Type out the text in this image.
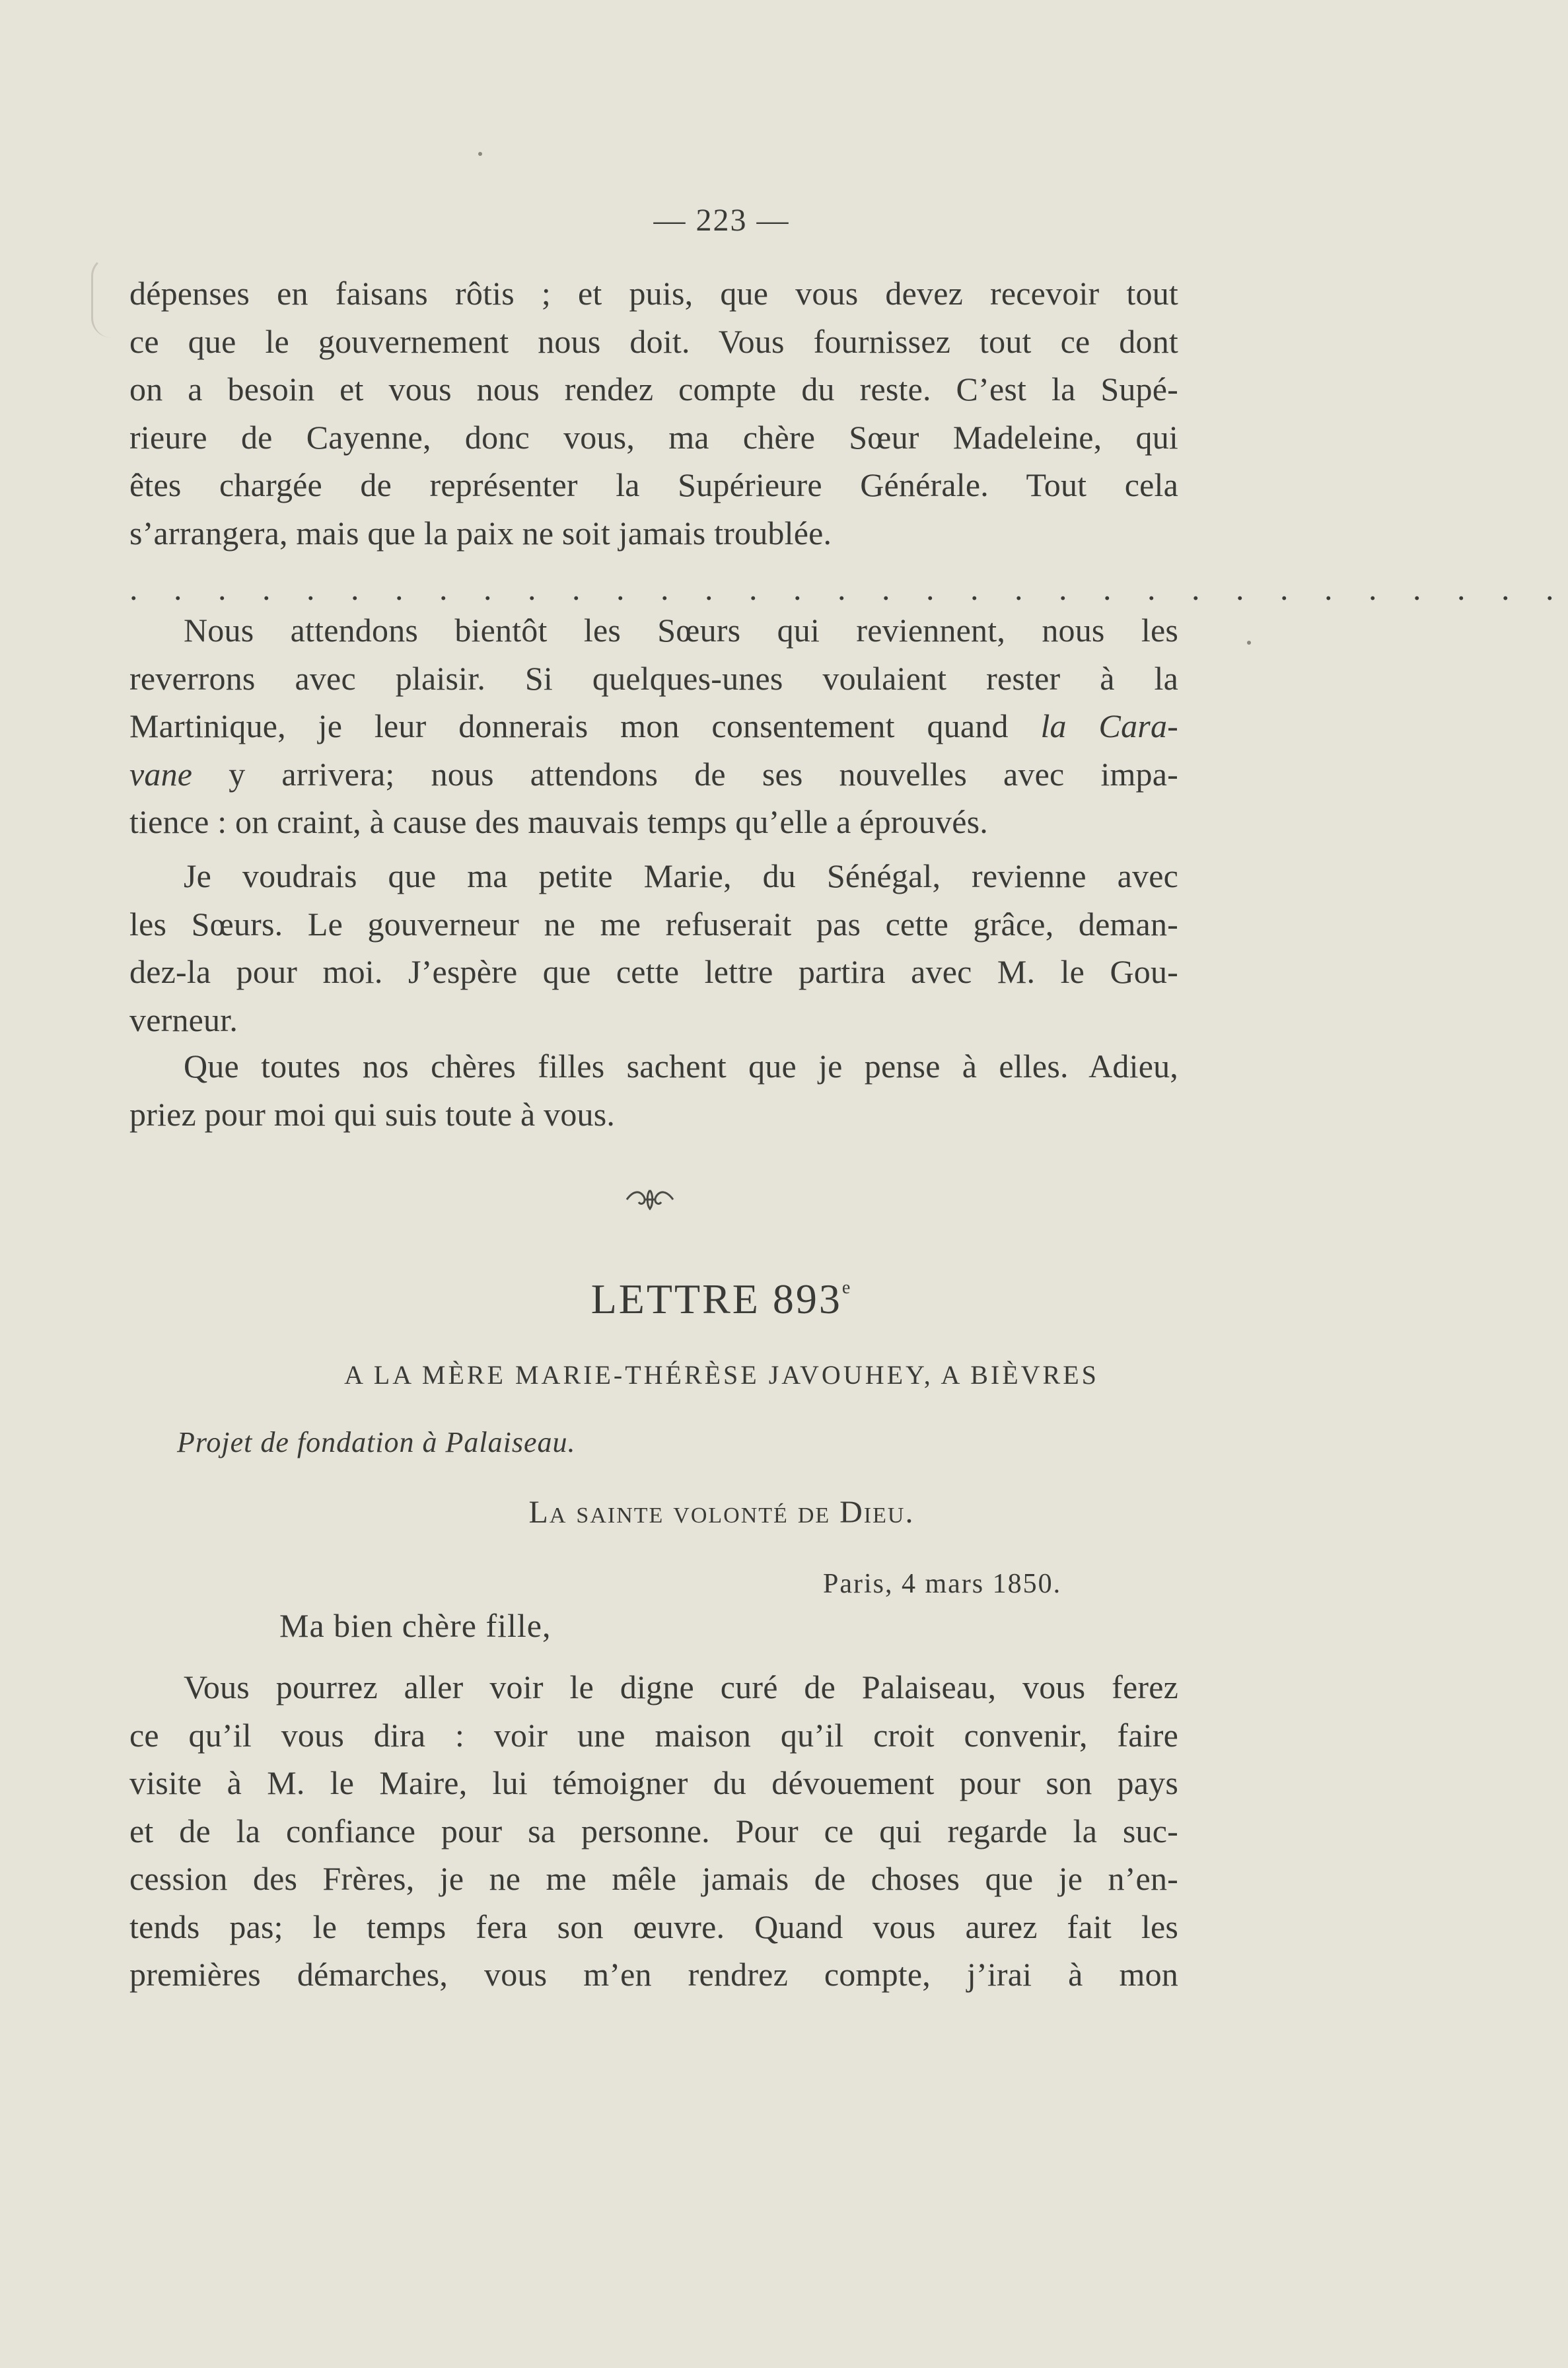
— 223 —
dépenses en faisans rôtis ; et puis, que vous devez recevoir tout
ce que le gouvernement nous doit. Vous fournissez tout ce dont
on a besoin et vous nous rendez compte du reste. C’est la Supé-
rieure de Cayenne, donc vous, ma chère Sœur Madeleine, qui
êtes chargée de représenter la Supérieure Générale. Tout cela
s’arrangera, mais que la paix ne soit jamais troublée.
. . . . . . . . . . . . . . . . . . . . . . . . . . . . . . . . .
Nous attendons bientôt les Sœurs qui reviennent, nous les
reverrons avec plaisir. Si quelques-unes voulaient rester à la
Martinique, je leur donnerais mon consentement quand la Cara-
vane y arrivera; nous attendons de ses nouvelles avec impa-
tience : on craint, à cause des mauvais temps qu’elle a éprouvés.
Je voudrais que ma petite Marie, du Sénégal, revienne avec
les Sœurs. Le gouverneur ne me refuserait pas cette grâce, deman-
dez-la pour moi. J’espère que cette lettre partira avec M. le Gou-
verneur.
Que toutes nos chères filles sachent que je pense à elles. Adieu,
priez pour moi qui suis toute à vous.
LETTRE 893e
A LA MÈRE MARIE-THÉRÈSE JAVOUHEY, A BIÈVRES
Projet de fondation à Palaiseau.
La sainte volonté de Dieu.
Paris, 4 mars 1850.
Ma bien chère fille,
Vous pourrez aller voir le digne curé de Palaiseau, vous ferez
ce qu’il vous dira : voir une maison qu’il croit convenir, faire
visite à M. le Maire, lui témoigner du dévouement pour son pays
et de la confiance pour sa personne. Pour ce qui regarde la suc-
cession des Frères, je ne me mêle jamais de choses que je n’en-
tends pas; le temps fera son œuvre. Quand vous aurez fait les
premières démarches, vous m’en rendrez compte, j’irai à mon
